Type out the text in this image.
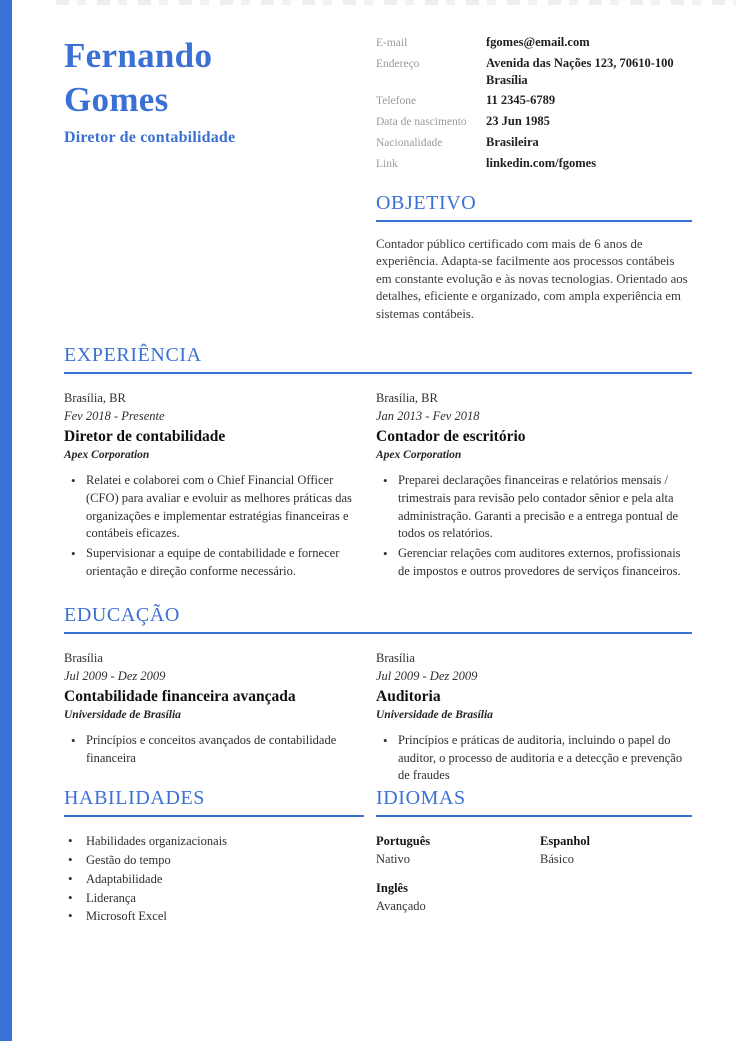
Fernando
Gomes
Diretor de contabilidade
E-mail	fgomes@email.com
Endereço	Avenida das Nações 123, 70610-100 Brasília
Telefone	11 2345-6789
Data de nascimento	23 Jun 1985
Nacionalidade	Brasileira
Link	linkedin.com/fgomes
OBJETIVO

Contador público certificado com mais de 6 anos de experiência. Adapta-se facilmente aos processos contábeis em constante evolução e às novas tecnologias. Orientado aos detalhes, eficiente e organizado, com ampla experiência em sistemas contábeis.

EXPERIÊNCIA
Brasília, BR
Fev 2018 - Presente
Diretor de contabilidade
Apex Corporation
• Relatei e colaborei com o Chief Financial Officer (CFO) para avaliar e evoluir as melhores práticas das organizações e implementar estratégias financeiras e contábeis eficazes.
• Supervisionar a equipe de contabilidade e fornecer orientação e direção conforme necessário.
Brasília, BR
Jan 2013 - Fev 2018
Contador de escritório
Apex Corporation
• Preparei declarações financeiras e relatórios mensais / trimestrais para revisão pelo contador sênior e pela alta administração. Garanti a precisão e a entrega pontual de todos os relatórios.
• Gerenciar relações com auditores externos, profissionais de impostos e outros provedores de serviços financeiros.
EDUCAÇÃO
Brasília
Jul 2009 - Dez 2009
Contabilidade financeira avançada
Universidade de Brasília
• Princípios e conceitos avançados de contabilidade financeira
Brasília
Jul 2009 - Dez 2009
Auditoria
Universidade de Brasília
• Princípios e práticas de auditoria, incluindo o papel do auditor, o processo de auditoria e a detecção e prevenção de fraudes
HABILIDADES
• Habilidades organizacionais
• Gestão do tempo
• Adaptabilidade
• Liderança
• Microsoft Excel
IDIOMAS
Português
Nativo
Espanhol
Básico
Inglês
Avançado
